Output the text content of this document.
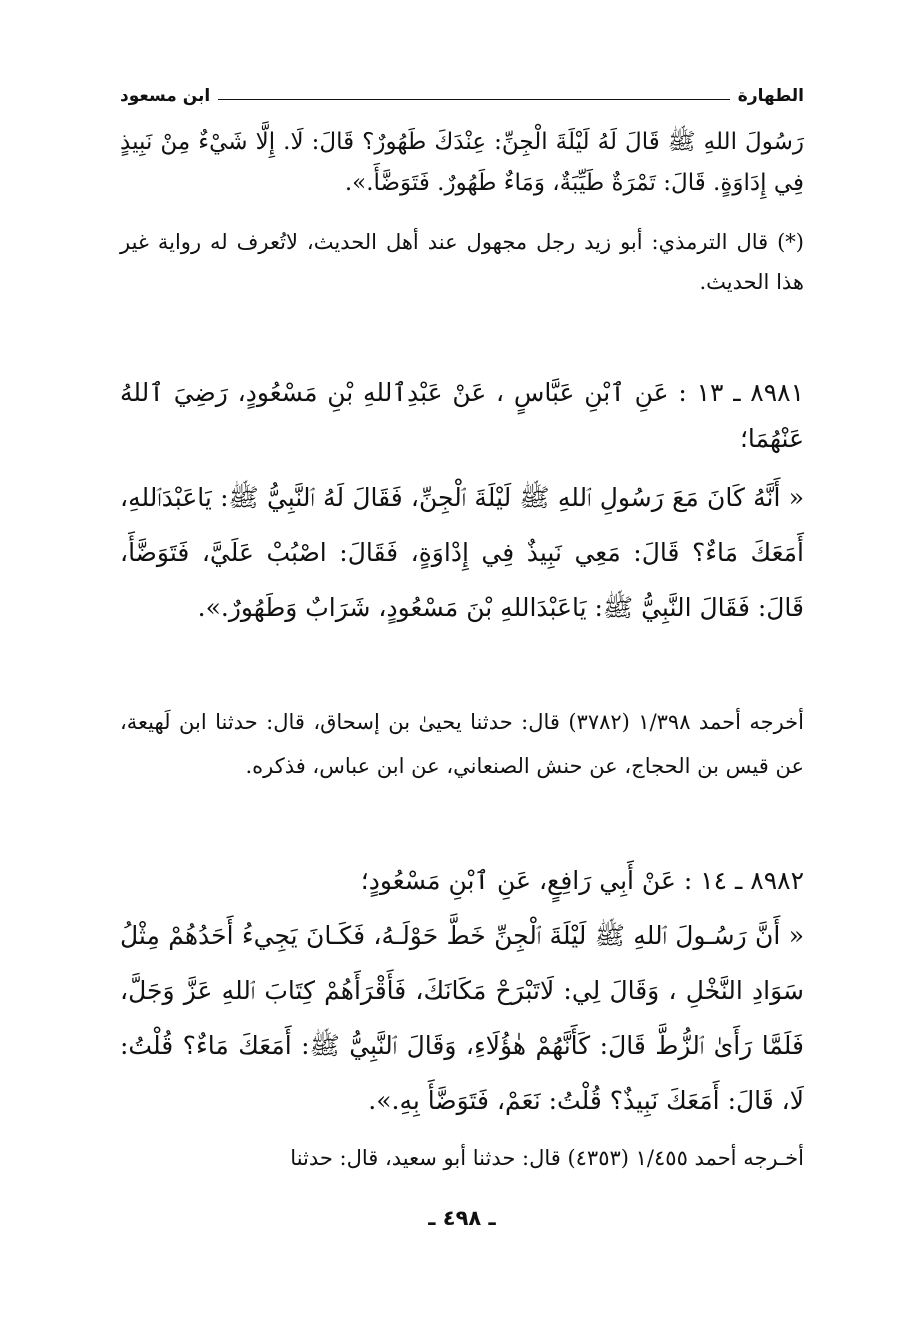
الطهارة
ابن مسعود

رَسُولَ اللهِ ﷺ قَالَ لَهُ لَيْلَةَ الْجِنِّ: عِنْدَكَ طَهُورٌ؟ قَالَ: لَا. إِلَّا شَيْءٌ مِنْ نَبِيذٍ فِي إِدَاوَةٍ. قَالَ: تَمْرَةٌ طَيِّبَةٌ، وَمَاءٌ طَهُورٌ. فَتَوَضَّأَ.».

(*) قال الترمذي: أبو زيد رجل مجهول عند أهل الحديث، لاتُعرف له رواية غير هذا الحديث.

٨٩٨١ ـ ١٣ : عَنِ ٱبْنِ عَبَّاسٍ ، عَنْ عَبْدِٱللهِ بْنِ مَسْعُودٍ، رَضِيَ ٱللهُ عَنْهُمَا؛

« أَنَّهُ كَانَ مَعَ رَسُولِ ٱللهِ ﷺ لَيْلَةَ ٱلْجِنِّ، فَقَالَ لَهُ ٱلنَّبِيُّ ﷺ: يَاعَبْدَٱللهِ، أَمَعَكَ مَاءٌ؟ قَالَ: مَعِي نَبِيذٌ فِي إِدْاوَةٍ، فَقَالَ: اصْبُبْ عَلَيَّ، فَتَوَضَّأَ، قَالَ: فَقَالَ النَّبِيُّ ﷺ: يَاعَبْدَاللهِ بْنَ مَسْعُودٍ، شَرَابٌ وَطَهُورٌ.».

أخرجه أحمد ١/٣٩٨ (٣٧٨٢) قال: حدثنا يحيىٰ بن إسحاق، قال: حدثنا ابن لَهيعة، عن قيس بن الحجاج، عن حنش الصنعاني، عن ابن عباس، فذكره.

٨٩٨٢ ـ ١٤ : عَنْ أَبِي رَافِعٍ، عَنِ ٱبْنِ مَسْعُودٍ؛

« أَنَّ رَسُـولَ ٱللهِ ﷺ لَيْلَةَ ٱلْجِنِّ خَطَّ حَوْلَـهُ، فَكَـانَ يَجِيءُ أَحَدُهُمْ مِثْلُ سَوَادِ النَّخْلِ ، وَقَالَ لِي: لَاتَبْرَحْ مَكَانَكَ، فَأَقْرَأَهُمْ كِتَابَ ٱللهِ عَزَّ وَجَلَّ، فَلَمَّا رَأَىٰ ٱلزُّطَّ قَالَ: كَأَنَّهُمْ هٰؤُلَاءِ، وَقَالَ ٱلنَّبِيُّ ﷺ: أَمَعَكَ مَاءٌ؟ قُلْتُ: لَا، قَالَ: أَمَعَكَ نَبِيذٌ؟ قُلْتُ: نَعَمْ، فَتَوَضَّأَ بِهِ.».

أخـرجه أحمد ١/٤٥٥ (٤٣٥٣) قال: حدثنا أبو سعيد، قال: حدثنا

ـ ٤٩٨ ـ
